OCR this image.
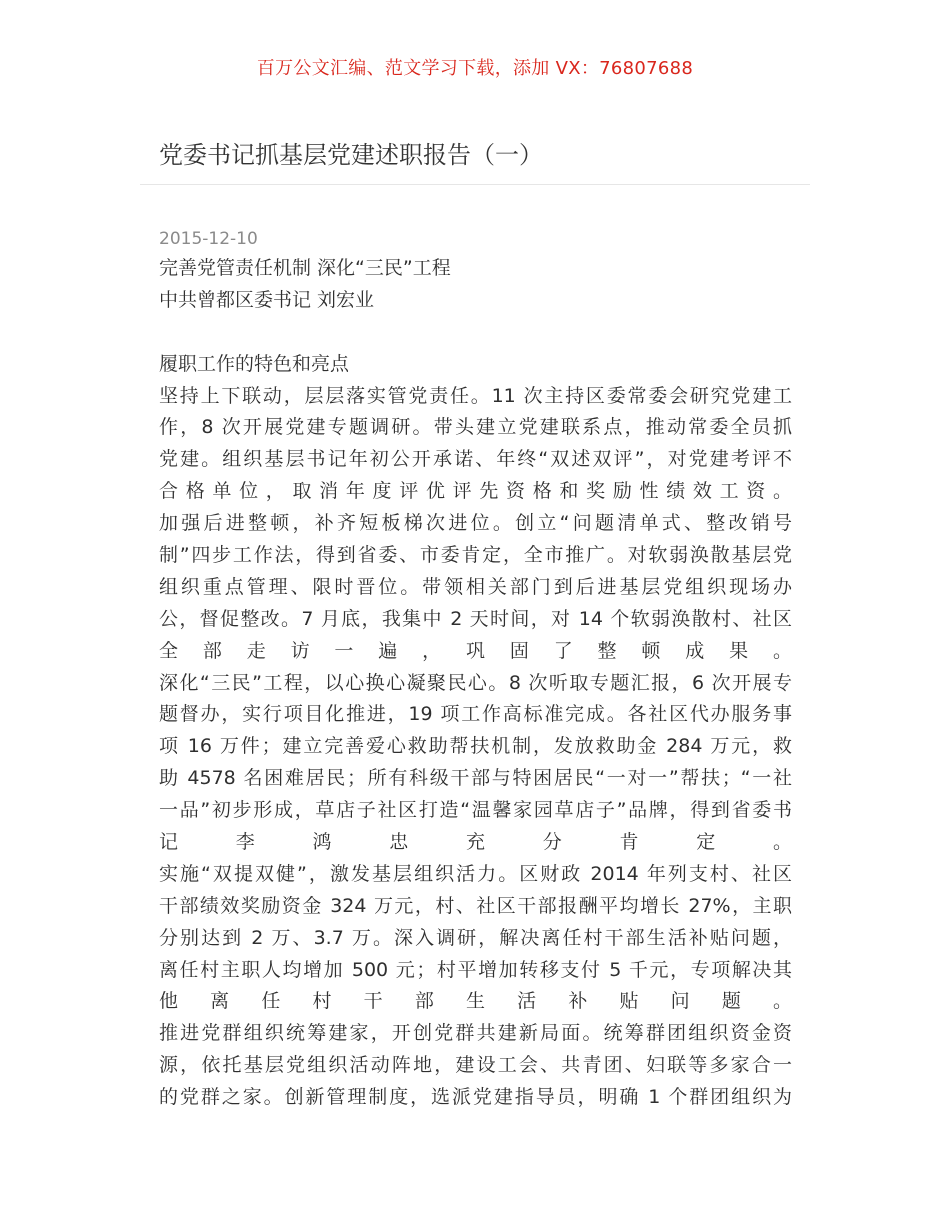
百万公文汇编、范文学习下载，添加 VX：76807688
党委书记抓基层党建述职报告（一）
2015-12-10
完善党管责任机制 深化“三民”工程
中共曾都区委书记 刘宏业
履职工作的特色和亮点
坚持上下联动，层层落实管党责任。11 次主持区委常委会研究党建工
作，8 次开展党建专题调研。带头建立党建联系点，推动常委全员抓
党建。组织基层书记年初公开承诺、年终“双述双评”，对党建考评不
合格单位，取消年度评优评先资格和奖励性绩效工资。
加强后进整顿，补齐短板梯次进位。创立“问题清单式、整改销号
制”四步工作法，得到省委、市委肯定，全市推广。对软弱涣散基层党
组织重点管理、限时晋位。带领相关部门到后进基层党组织现场办
公，督促整改。7 月底，我集中 2 天时间，对 14 个软弱涣散村、社区
全部走访一遍，巩固了整顿成果。
深化“三民”工程，以心换心凝聚民心。8 次听取专题汇报，6 次开展专
题督办，实行项目化推进，19 项工作高标准完成。各社区代办服务事
项 16 万件；建立完善爱心救助帮扶机制，发放救助金 284 万元，救
助 4578 名困难居民；所有科级干部与特困居民“一对一”帮扶；“一社
一品”初步形成，草店子社区打造“温馨家园草店子”品牌，得到省委书
记李鸿忠充分肯定。
实施“双提双健”，激发基层组织活力。区财政 2014 年列支村、社区
干部绩效奖励资金 324 万元，村、社区干部报酬平均增长 27%，主职
分别达到 2 万、3.7 万。深入调研，解决离任村干部生活补贴问题，
离任村主职人均增加 500 元；村平增加转移支付 5 千元，专项解决其
他离任村干部生活补贴问题。
推进党群组织统筹建家，开创党群共建新局面。统筹群团组织资金资
源，依托基层党组织活动阵地，建设工会、共青团、妇联等多家合一
的党群之家。创新管理制度，选派党建指导员，明确 1 个群团组织为
